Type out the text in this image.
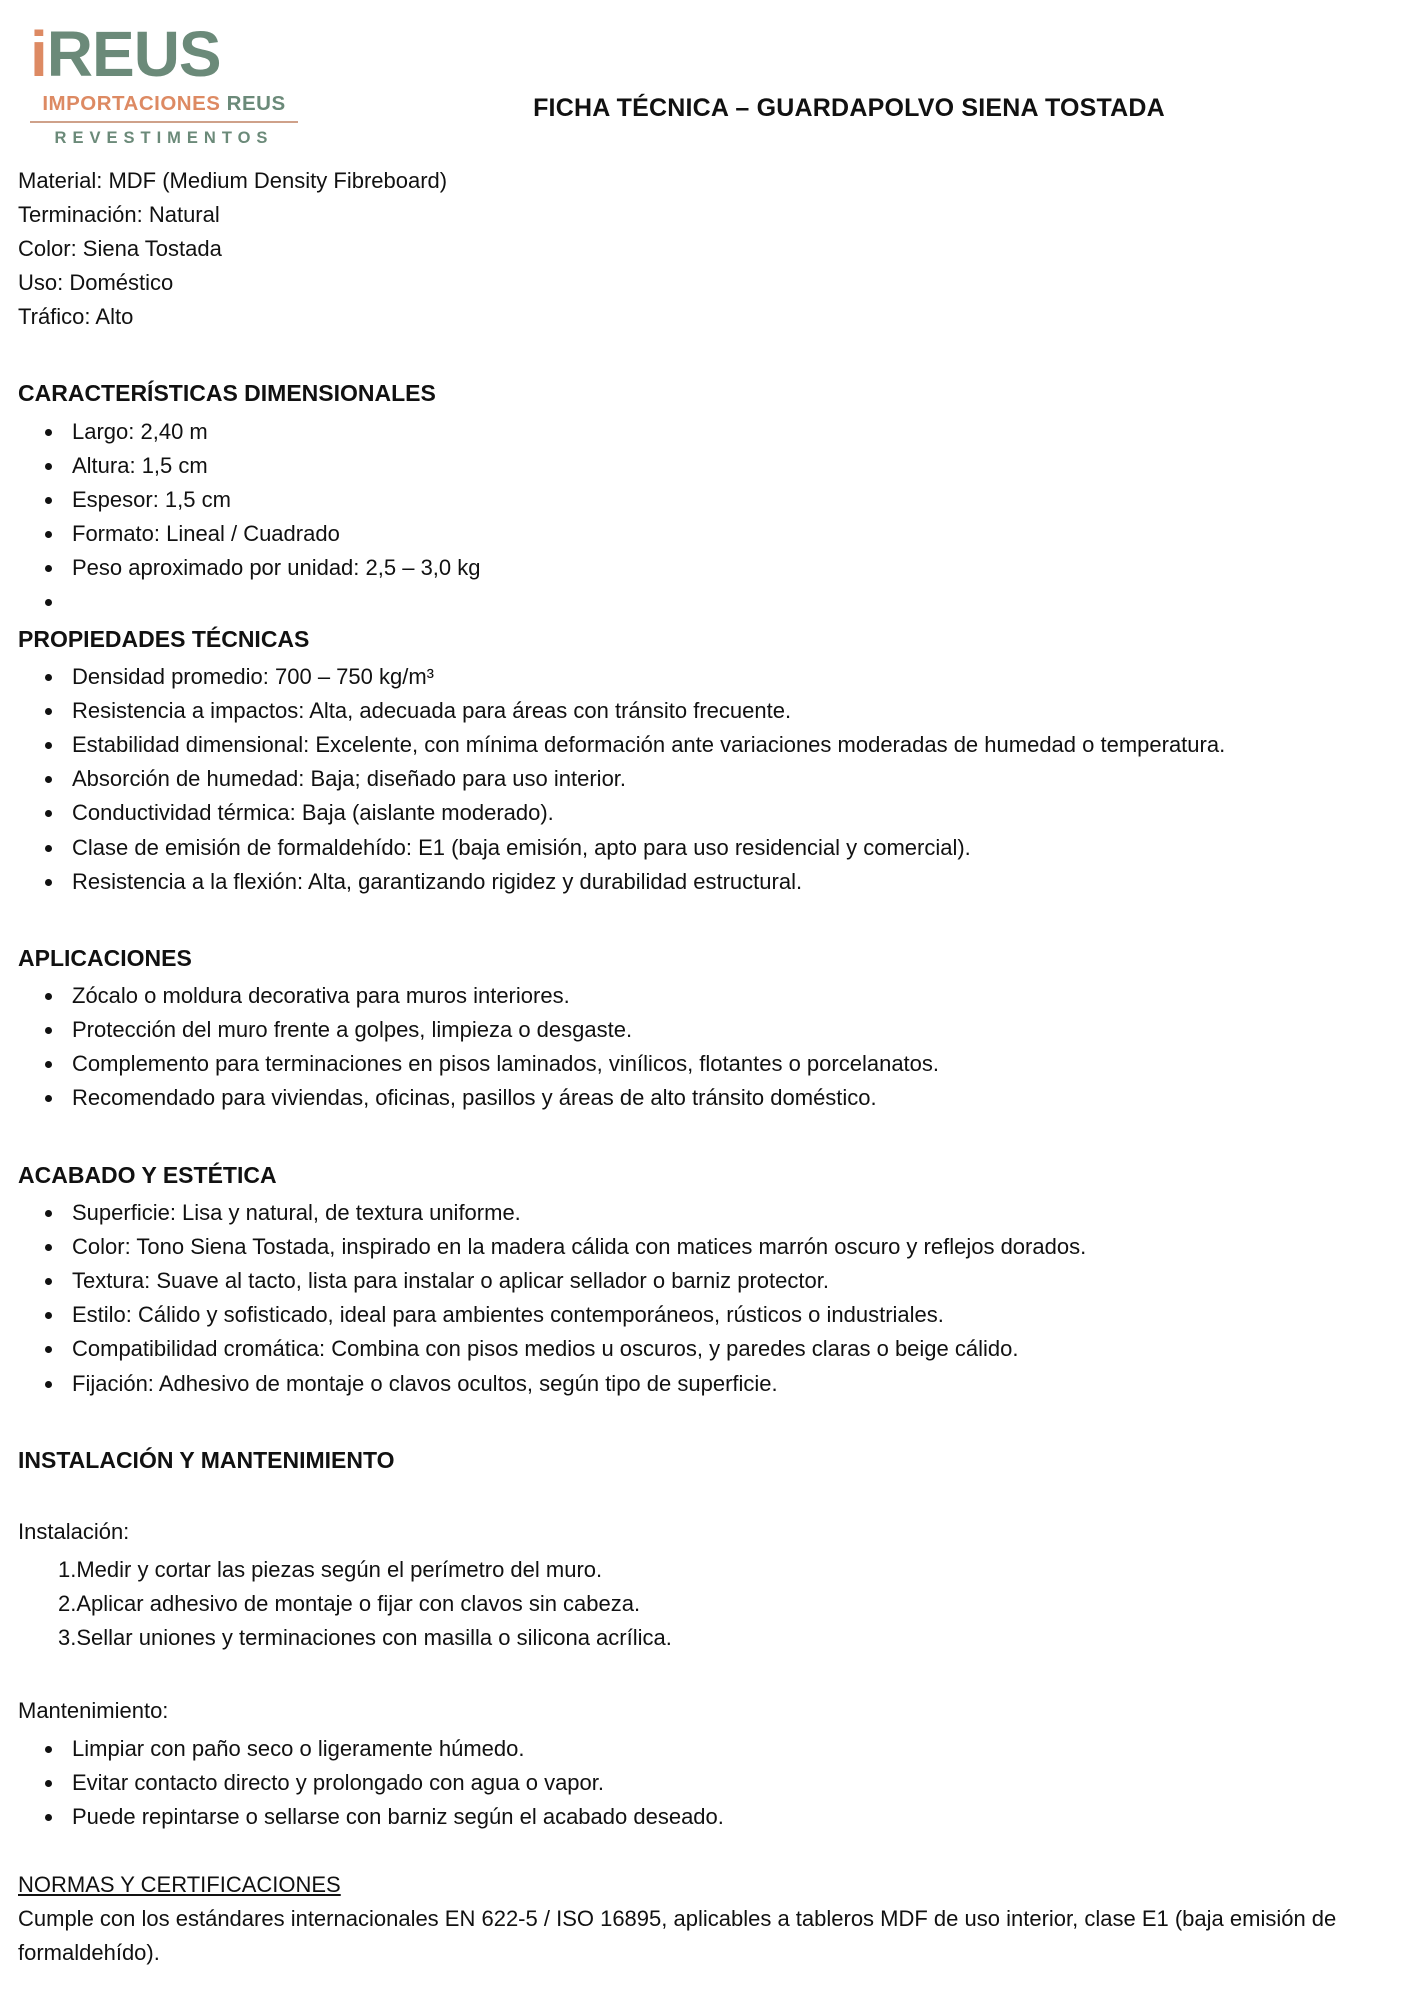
iREUS
IMPORTACIONES REUS
REVESTIMENTOS
FICHA TÉCNICA – GUARDAPOLVO SIENA TOSTADA
Material: MDF (Medium Density Fibreboard)
Terminación: Natural
Color: Siena Tostada
Uso: Doméstico
Tráfico: Alto
CARACTERÍSTICAS DIMENSIONALES
• Largo: 2,40 m
• Altura: 1,5 cm
• Espesor: 1,5 cm
• Formato: Lineal / Cuadrado
• Peso aproximado por unidad: 2,5 – 3,0 kg
•
PROPIEDADES TÉCNICAS
• Densidad promedio: 700 – 750 kg/m³
• Resistencia a impactos: Alta, adecuada para áreas con tránsito frecuente.
• Estabilidad dimensional: Excelente, con mínima deformación ante variaciones moderadas de humedad o temperatura.
• Absorción de humedad: Baja; diseñado para uso interior.
• Conductividad térmica: Baja (aislante moderado).
• Clase de emisión de formaldehído: E1 (baja emisión, apto para uso residencial y comercial).
• Resistencia a la flexión: Alta, garantizando rigidez y durabilidad estructural.
APLICACIONES
• Zócalo o moldura decorativa para muros interiores.
• Protección del muro frente a golpes, limpieza o desgaste.
• Complemento para terminaciones en pisos laminados, vinílicos, flotantes o porcelanatos.
• Recomendado para viviendas, oficinas, pasillos y áreas de alto tránsito doméstico.
ACABADO Y ESTÉTICA
• Superficie: Lisa y natural, de textura uniforme.
• Color: Tono Siena Tostada, inspirado en la madera cálida con matices marrón oscuro y reflejos dorados.
• Textura: Suave al tacto, lista para instalar o aplicar sellador o barniz protector.
• Estilo: Cálido y sofisticado, ideal para ambientes contemporáneos, rústicos o industriales.
• Compatibilidad cromática: Combina con pisos medios u oscuros, y paredes claras o beige cálido.
• Fijación: Adhesivo de montaje o clavos ocultos, según tipo de superficie.
INSTALACIÓN Y MANTENIMIENTO
Instalación:
1.Medir y cortar las piezas según el perímetro del muro.
2.Aplicar adhesivo de montaje o fijar con clavos sin cabeza.
3.Sellar uniones y terminaciones con masilla o silicona acrílica.
Mantenimiento:
• Limpiar con paño seco o ligeramente húmedo.
• Evitar contacto directo y prolongado con agua o vapor.
• Puede repintarse o sellarse con barniz según el acabado deseado.
NORMAS Y CERTIFICACIONES
Cumple con los estándares internacionales EN 622-5 / ISO 16895, aplicables a tableros MDF de uso interior, clase E1 (baja emisión de formaldehído).
